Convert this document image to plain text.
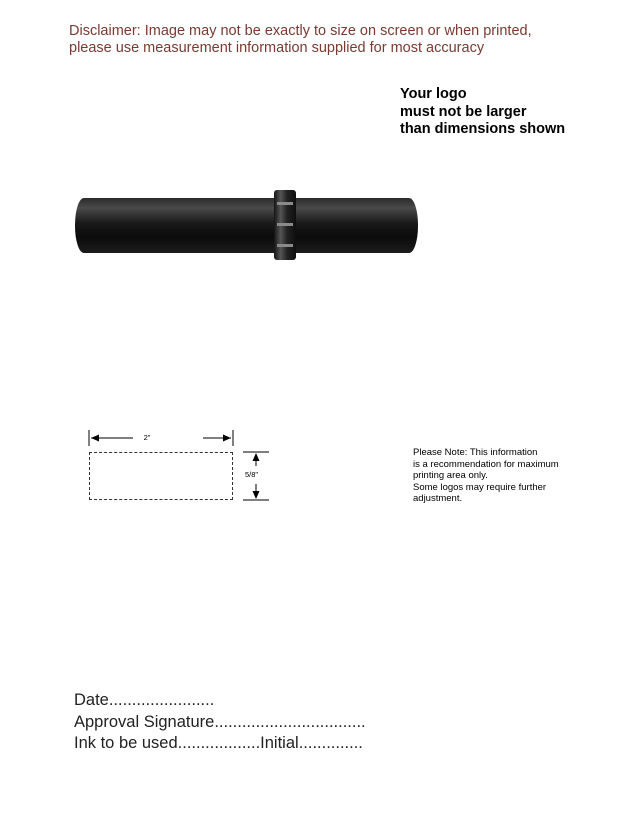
Disclaimer: Image may not be exactly to size on screen or when printed,
please use measurement information supplied for most accuracy
Your logo
must not be larger
than dimensions shown
2"
5/8"
Please Note: This information
is a recommendation for maximum
printing area only.
Some logos may require further
adjustment.
Date.......................
Approval Signature.................................
Ink to be used..................Initial..............
